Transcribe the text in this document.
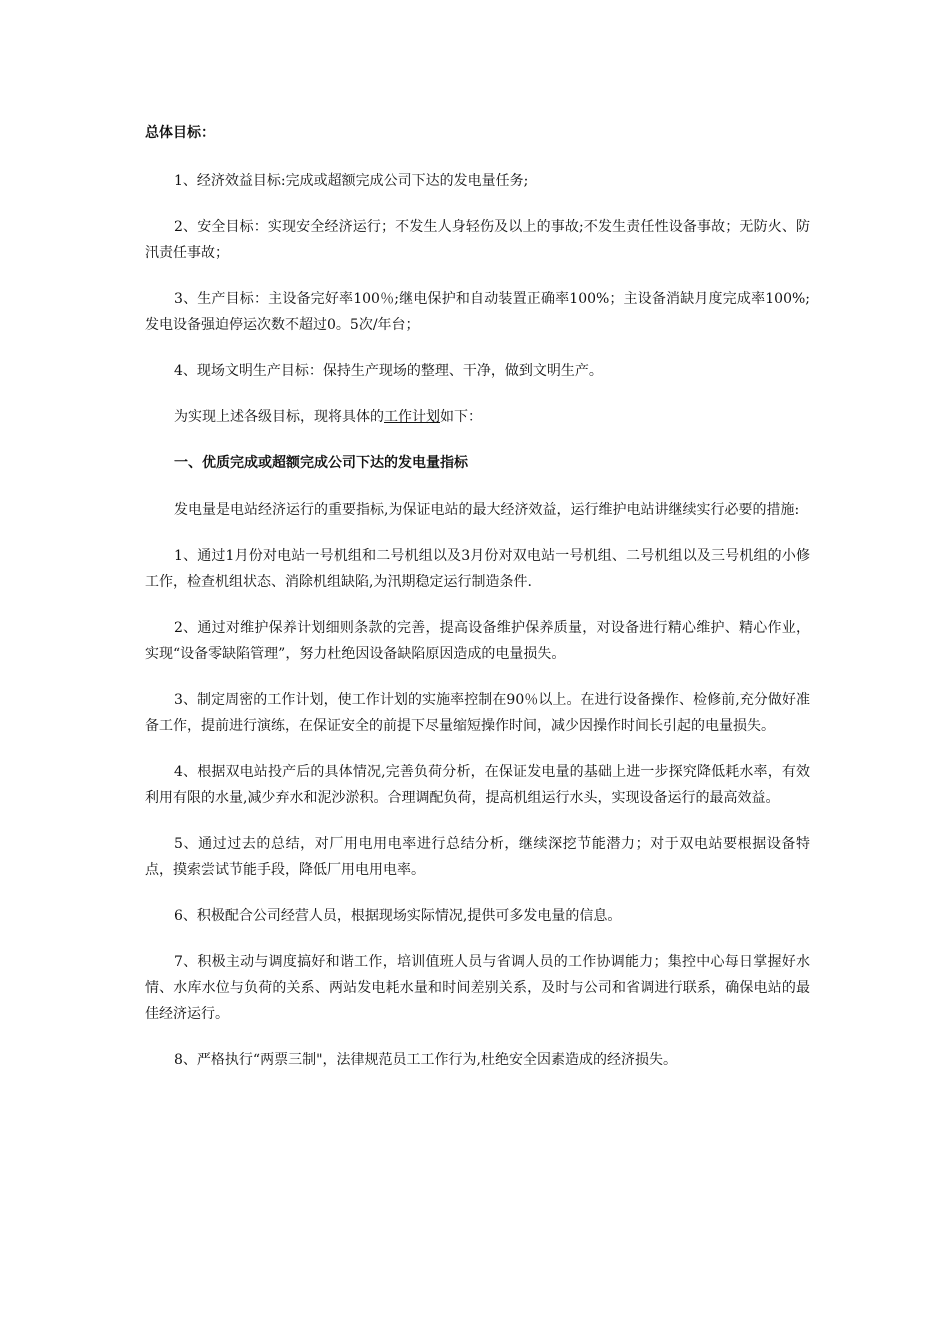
总体目标：

1、经济效益目标:完成或超额完成公司下达的发电量任务;

2、安全目标：实现安全经济运行；不发生人身轻伤及以上的事故;不发生责任性设备事故；无防火、防汛责任事故；

3、生产目标：主设备完好率100％;继电保护和自动装置正确率100%；主设备消缺月度完成率100%;发电设备强迫停运次数不超过0。5次/年台；

4、现场文明生产目标：保持生产现场的整理、干净，做到文明生产。

为实现上述各级目标，现将具体的工作计划如下：

一、优质完成或超额完成公司下达的发电量指标

发电量是电站经济运行的重要指标,为保证电站的最大经济效益，运行维护电站讲继续实行必要的措施:

1、通过1月份对电站一号机组和二号机组以及3月份对双电站一号机组、二号机组以及三号机组的小修工作，检查机组状态、消除机组缺陷,为汛期稳定运行制造条件.

2、通过对维护保养计划细则条款的完善，提高设备维护保养质量，对设备进行精心维护、精心作业，实现“设备零缺陷管理”，努力杜绝因设备缺陷原因造成的电量损失。

3、制定周密的工作计划，使工作计划的实施率控制在90％以上。在进行设备操作、检修前,充分做好准备工作，提前进行演练，在保证安全的前提下尽量缩短操作时间，减少因操作时间长引起的电量损失。

4、根据双电站投产后的具体情况,完善负荷分析，在保证发电量的基础上进一步探究降低耗水率，有效利用有限的水量,减少弃水和泥沙淤积。合理调配负荷，提高机组运行水头，实现设备运行的最高效益。

5、通过过去的总结，对厂用电用电率进行总结分析，继续深挖节能潜力；对于双电站要根据设备特点，摸索尝试节能手段，降低厂用电用电率。

6、积极配合公司经营人员，根据现场实际情况,提供可多发电量的信息。

7、积极主动与调度搞好和谐工作，培训值班人员与省调人员的工作协调能力；集控中心每日掌握好水情、水库水位与负荷的关系、两站发电耗水量和时间差别关系，及时与公司和省调进行联系，确保电站的最佳经济运行。

8、严格执行“两票三制"，法律规范员工工作行为,杜绝安全因素造成的经济损失。
